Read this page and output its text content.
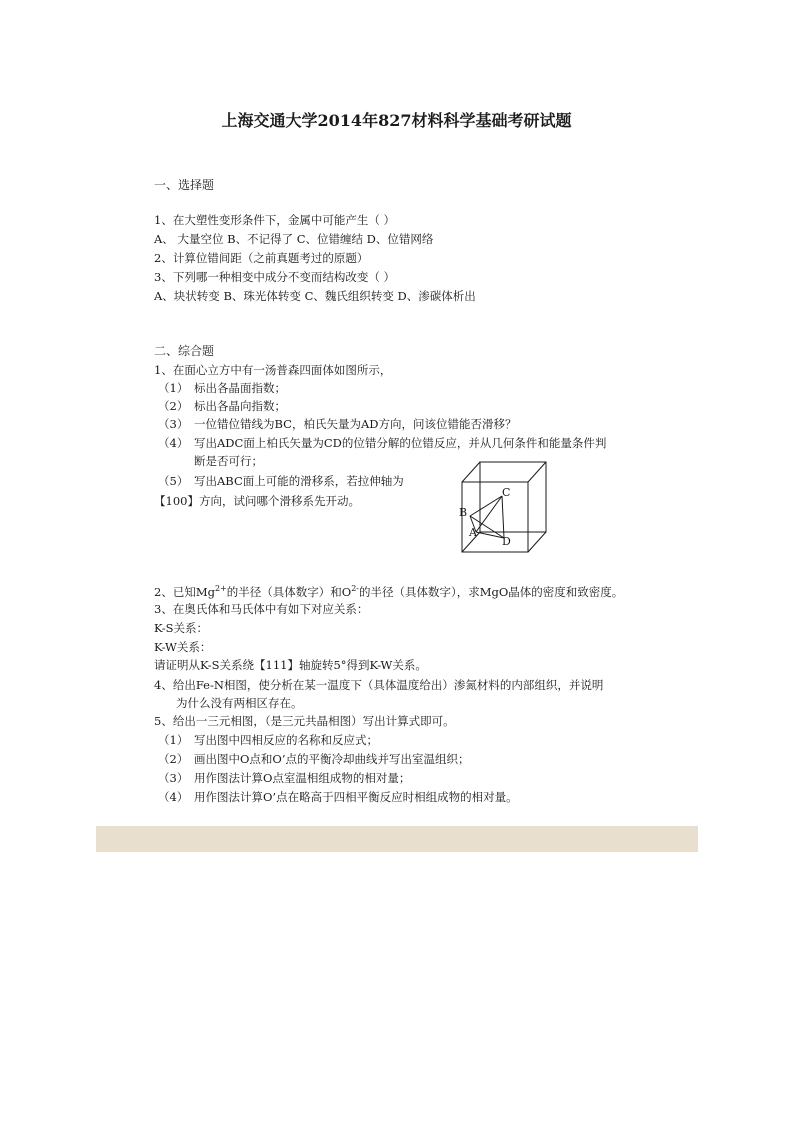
上海交通大学2014年827材料科学基础考研试题
一、选择题
1、在大塑性变形条件下，金属中可能产生（ ）
A、 大量空位 B、不记得了 C、位错缠结 D、位错网络
2、计算位错间距（之前真题考过的原题）
3、下列哪一种相变中成分不变而结构改变（ ）
A、块状转变 B、珠光体转变 C、魏氏组织转变 D、渗碳体析出
二、综合题
1、在面心立方中有一汤普森四面体如图所示，
（1） 标出各晶面指数；
（2） 标出各晶向指数；
（3） 一位错位错线为BC，柏氏矢量为AD方向，问该位错能否滑移？
（4） 写出ADC面上柏氏矢量为CD的位错分解的位错反应，并从几何条件和能量条件判
断是否可行；
（5） 写出ABC面上可能的滑移系，若拉伸轴为
【100】方向，试问哪个滑移系先开动。
C
B
A
D
2、已知$Mg^{2+}$的半径（具体数字）和$O^{2-}$的半径（具体数字），求MgO晶体的密度和致密度。
3、在奥氏体和马氏体中有如下对应关系：
K-S关系：
K-W关系：
请证明从K-S关系绕【111】轴旋转5°得到K-W关系。
4、给出Fe-N相图，使分析在某一温度下（具体温度给出）渗氮材料的内部组织，并说明
为什么没有两相区存在。
5、给出一三元相图，（是三元共晶相图）写出计算式即可。
（1） 写出图中四相反应的名称和反应式；
（2） 画出图中O点和O’点的平衡冷却曲线并写出室温组织；
（3） 用作图法计算O点室温相组成物的相对量；
（4） 用作图法计算O’点在略高于四相平衡反应时相组成物的相对量。
